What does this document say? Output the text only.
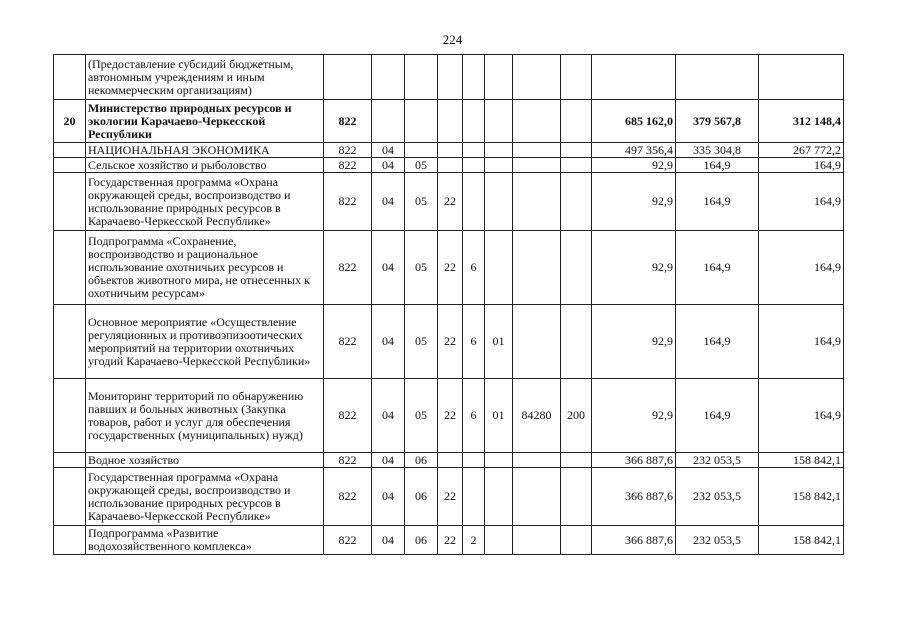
224
	(Предоставление субсидий бюджетным, автономным учреждениям и иным некоммерческим организациям)											
20	Министерство природных ресурсов и экологии Карачаево-Черкесской Республики	822								685 162,0	379 567,8	312 148,4
	НАЦИОНАЛЬНАЯ ЭКОНОМИКА	822	04							497 356,4	335 304,8	267 772,2
	Сельское хозяйство и рыболовство	822	04	05						92,9	164,9	164,9
	Государственная программа «Охрана окружающей среды, воспроизводство и использование природных ресурсов в Карачаево-Черкесской Республике»	822	04	05	22					92,9	164,9	164,9
	Подпрограмма «Сохранение, воспроизводство и рациональное использование охотничьих ресурсов и объектов животного мира, не отнесенных к охотничьим ресурсам»	822	04	05	22	6				92,9	164,9	164,9
	Основное мероприятие «Осуществление регуляционных и противоэпизоотических мероприятий на территории охотничьих угодий Карачаево-Черкесской Республики»	822	04	05	22	6	01			92,9	164,9	164,9
	Мониторинг территорий по обнаружению павших и больных животных (Закупка товаров, работ и услуг для обеспечения государственных (муниципальных) нужд)	822	04	05	22	6	01	84280	200	92,9	164,9	164,9
	Водное хозяйство	822	04	06						366 887,6	232 053,5	158 842,1
	Государственная программа «Охрана окружающей среды, воспроизводство и использование природных ресурсов в Карачаево-Черкесской Республике»	822	04	06	22					366 887,6	232 053,5	158 842,1
	Подпрограмма «Развитие водохозяйственного комплекса»	822	04	06	22	2				366 887,6	232 053,5	158 842,1
